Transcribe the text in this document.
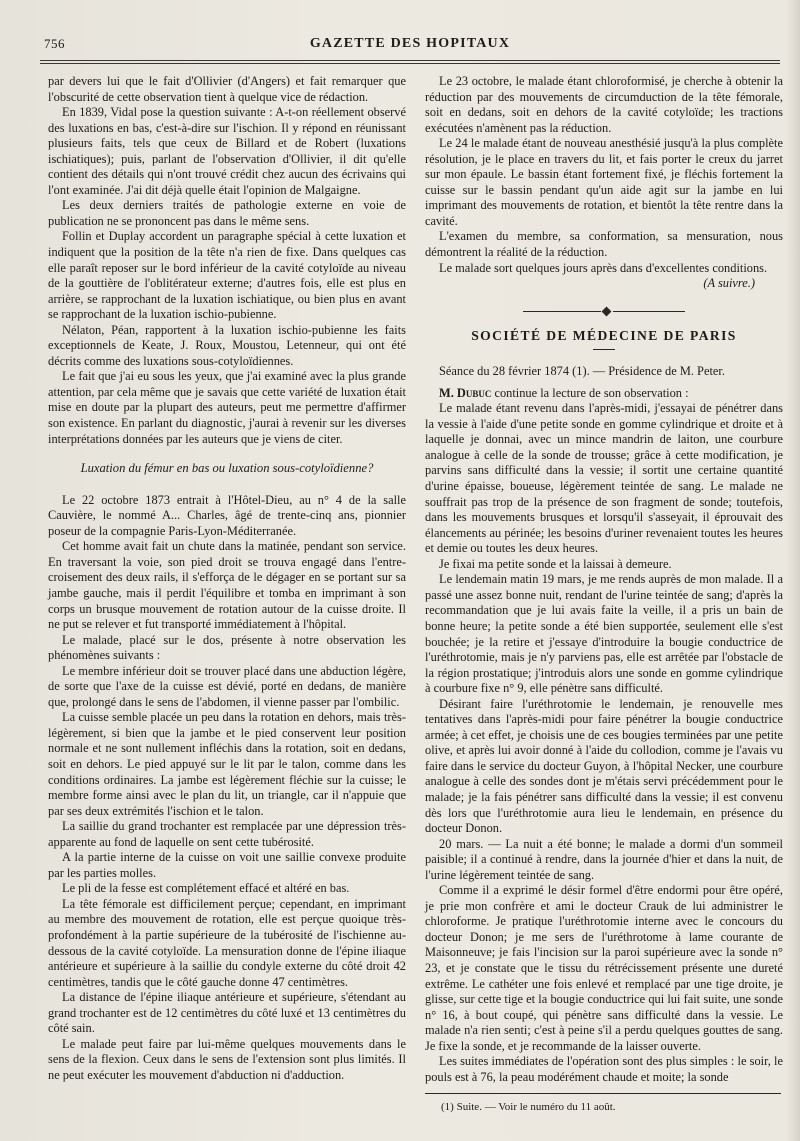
756	GAZETTE DES HOPITAUX

par devers lui que le fait d'Ollivier (d'Angers) et fait remarquer que l'obscurité de cette observation tient à quelque vice de rédaction.

En 1839, Vidal pose la question suivante : A-t-on réellement observé des luxations en bas, c'est-à-dire sur l'ischion. Il y répond en réunissant plusieurs faits, tels que ceux de Billard et de Robert (luxations ischiatiques); puis, parlant de l'observation d'Ollivier, il dit qu'elle contient des détails qui n'ont trouvé crédit chez aucun des écrivains qui l'ont examinée. J'ai dit déjà quelle était l'opinion de Malgaigne.

Les deux derniers traités de pathologie externe en voie de publication ne se prononcent pas dans le même sens.

Follin et Duplay accordent un paragraphe spécial à cette luxation et indiquent que la position de la tête n'a rien de fixe. Dans quelques cas elle paraît reposer sur le bord inférieur de la cavité cotyloïde au niveau de la gouttière de l'oblitérateur externe; d'autres fois, elle est plus en arrière, se rapprochant de la luxation ischiatique, ou bien plus en avant se rapprochant de la luxation ischio-pubienne.

Nélaton, Péan, rapportent à la luxation ischio-pubienne les faits exceptionnels de Keate, J. Roux, Moustou, Letenneur, qui ont été décrits comme des luxations sous-cotyloïdiennes.

Le fait que j'ai eu sous les yeux, que j'ai examiné avec la plus grande attention, par cela même que je savais que cette variété de luxation était mise en doute par la plupart des auteurs, peut me permettre d'affirmer son existence. En parlant du diagnostic, j'aurai à revenir sur les diverses interprétations données par les auteurs que je viens de citer.

Luxation du fémur en bas ou luxation sous-cotyloïdienne?

Le 22 octobre 1873 entrait à l'Hôtel-Dieu, au n° 4 de la salle Cauvière, le nommé A... Charles, âgé de trente-cinq ans, pionnier poseur de la compagnie Paris-Lyon-Méditerranée.

Cet homme avait fait un chute dans la matinée, pendant son service. En traversant la voie, son pied droit se trouva engagé dans l'entre-croisement des deux rails, il s'efforça de le dégager en se portant sur sa jambe gauche, mais il perdit l'équilibre et tomba en imprimant à son corps un brusque mouvement de rotation autour de la cuisse droite. Il ne put se relever et fut transporté immédiatement à l'hôpital.

Le malade, placé sur le dos, présente à notre observation les phénomènes suivants :

Le membre inférieur doit se trouver placé dans une abduction légère, de sorte que l'axe de la cuisse est dévié, porté en dedans, de manière que, prolongé dans le sens de l'abdomen, il vienne passer par l'ombilic.

La cuisse semble placée un peu dans la rotation en dehors, mais très-légèrement, si bien que la jambe et le pied conservent leur position normale et ne sont nullement infléchis dans la rotation, soit en dedans, soit en dehors. Le pied appuyé sur le lit par le talon, comme dans les conditions ordinaires. La jambe est légèrement fléchie sur la cuisse; le membre forme ainsi avec le plan du lit, un triangle, car il n'appuie que par ses deux extrémités l'ischion et le talon.

La saillie du grand trochanter est remplacée par une dépression très-apparente au fond de laquelle on sent cette tubérosité.

A la partie interne de la cuisse on voit une saillie convexe produite par les parties molles.

Le pli de la fesse est complétement effacé et altéré en bas.

La tête fémorale est difficilement perçue; cependant, en imprimant au membre des mouvement de rotation, elle est perçue quoique très-profondément à la partie supérieure de la tubérosité de l'ischienne au-dessous de la cavité cotyloïde. La mensuration donne de l'épine iliaque antérieure et supérieure à la saillie du condyle externe du côté droit 42 centimètres, tandis que le côté gauche donne 47 centimètres.

La distance de l'épine iliaque antérieure et supérieure, s'étendant au grand trochanter est de 12 centimètres du côté luxé et 13 centimètres du côté sain.

Le malade peut faire par lui-même quelques mouvements dans le sens de la flexion. Ceux dans le sens de l'extension sont plus limités. Il ne peut exécuter les mouvement d'abduction ni d'adduction.

Le 23 octobre, le malade étant chloroformisé, je cherche à obtenir la réduction par des mouvements de circumduction de la tête fémorale, soit en dedans, soit en dehors de la cavité cotyloïde; les tractions exécutées n'amènent pas la réduction.

Le 24 le malade étant de nouveau anesthésié jusqu'à la plus complète résolution, je le place en travers du lit, et fais porter le creux du jarret sur mon épaule. Le bassin étant fortement fixé, je fléchis fortement la cuisse sur le bassin pendant qu'un aide agit sur la jambe en lui imprimant des mouvements de rotation, et bientôt la tête rentre dans la cavité.

L'examen du membre, sa conformation, sa mensuration, nous démontrent la réalité de la réduction.

Le malade sort quelques jours après dans d'excellentes conditions.

(A suivre.)

SOCIÉTÉ DE MÉDECINE DE PARIS

Séance du 28 février 1874 (1). — Présidence de M. Peter.

M. Dubuc continue la lecture de son observation :

Le malade étant revenu dans l'après-midi, j'essayai de pénétrer dans la vessie à l'aide d'une petite sonde en gomme cylindrique et droite et à laquelle je donnai, avec un mince mandrin de laiton, une courbure analogue à celle de la sonde de trousse; grâce à cette modification, je parvins sans difficulté dans la vessie; il sortit une certaine quantité d'urine épaisse, boueuse, légèrement teintée de sang. Le malade ne souffrait pas trop de la présence de son fragment de sonde; toutefois, dans les mouvements brusques et lorsqu'il s'asseyait, il éprouvait des élancements au périnée; les besoins d'uriner revenaient toutes les heures et demie ou toutes les deux heures.

Je fixai ma petite sonde et la laissai à demeure.

Le lendemain matin 19 mars, je me rends auprès de mon malade. Il a passé une assez bonne nuit, rendant de l'urine teintée de sang; d'après la recommandation que je lui avais faite la veille, il a pris un bain de bonne heure; la petite sonde a été bien supportée, seulement elle s'est bouchée; je la retire et j'essaye d'introduire la bougie conductrice de l'uréthrotomie, mais je n'y parviens pas, elle est arrêtée par l'obstacle de la région prostatique; j'introduis alors une sonde en gomme cylindrique à courbure fixe n° 9, elle pénètre sans difficulté.

Désirant faire l'uréthrotomie le lendemain, je renouvelle mes tentatives dans l'après-midi pour faire pénétrer la bougie conductrice armée; à cet effet, je choisis une de ces bougies terminées par une petite olive, et après lui avoir donné à l'aide du collodion, comme je l'avais vu faire dans le service du docteur Guyon, à l'hôpital Necker, une courbure analogue à celle des sondes dont je m'étais servi précédemment pour le malade; je la fais pénétrer sans difficulté dans la vessie; il est convenu dès lors que l'uréthrotomie aura lieu le lendemain, en présence du docteur Donon.

20 mars. — La nuit a été bonne; le malade a dormi d'un sommeil paisible; il a continué à rendre, dans la journée d'hier et dans la nuit, de l'urine légèrement teintée de sang.

Comme il a exprimé le désir formel d'être endormi pour être opéré, je prie mon confrère et ami le docteur Crauk de lui administrer le chloroforme. Je pratique l'uréthrotomie interne avec le concours du docteur Donon; je me sers de l'uréthrotome à lame courante de Maisonneuve; je fais l'incision sur la paroi supérieure avec la sonde n° 23, et je constate que le tissu du rétrécissement présente une dureté extrême. Le cathéter une fois enlevé et remplacé par une tige droite, je glisse, sur cette tige et la bougie conductrice qui lui fait suite, une sonde n° 16, à bout coupé, qui pénètre sans difficulté dans la vessie. Le malade n'a rien senti; c'est à peine s'il a perdu quelques gouttes de sang. Je fixe la sonde, et je recommande de la laisser ouverte.

Les suites immédiates de l'opération sont des plus simples : le soir, le pouls est à 76, la peau modérément chaude et moite; la sonde

(1) Suite. — Voir le numéro du 11 août.
